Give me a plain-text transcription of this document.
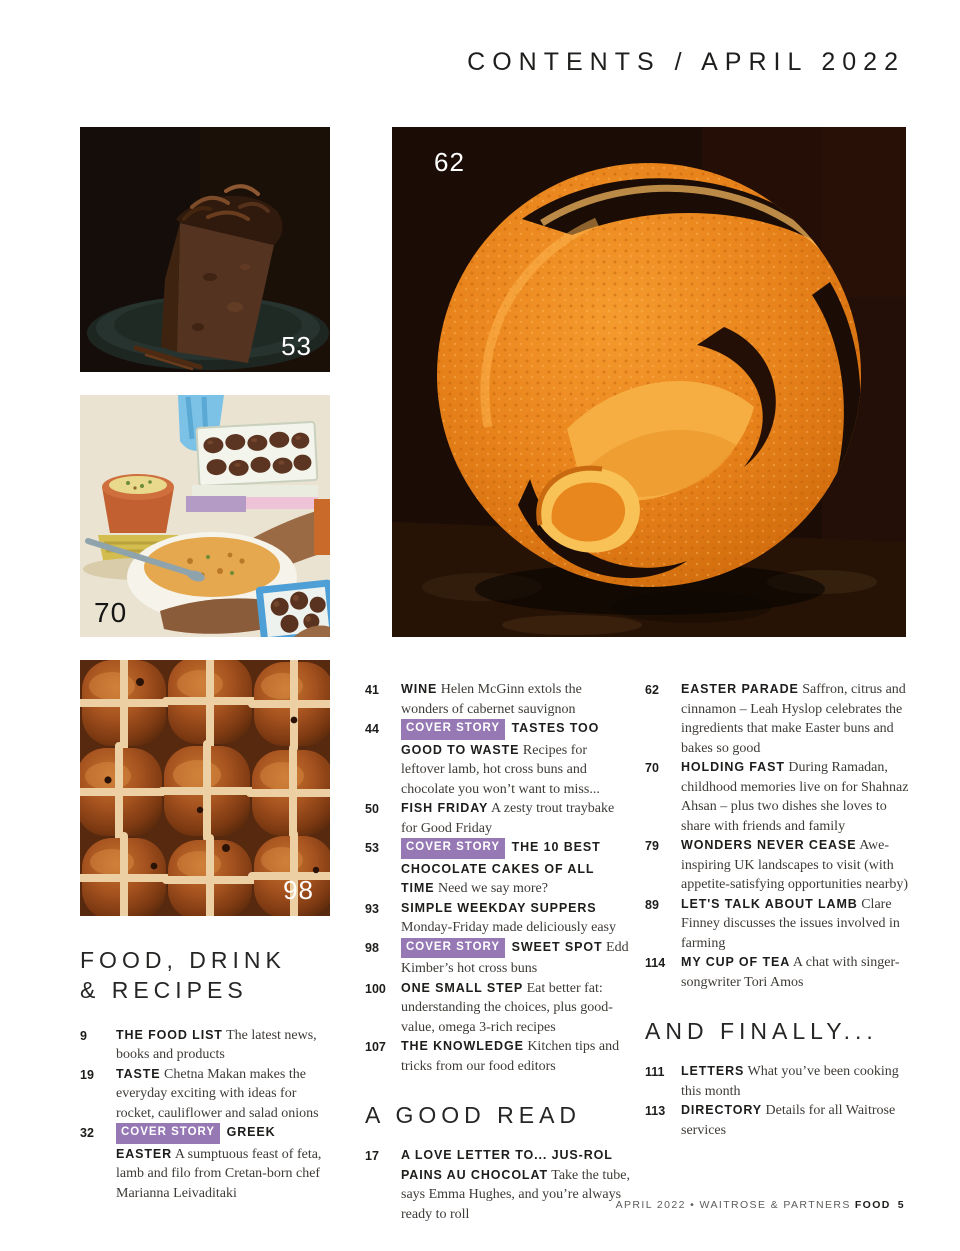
CONTENTS / APRIL 2022
53
70
98
62
FOOD, DRINK
& RECIPES
9	THE FOOD LIST The latest news, books and products
19	TASTE Chetna Makan makes the everyday exciting with ideas for rocket, cauliflower and salad onions
32	COVER STORY GREEK EASTER A sumptuous feast of feta, lamb and filo from Cretan-born chef Marianna Leivaditaki
41	WINE Helen McGinn extols the wonders of cabernet sauvignon
44	COVER STORY TASTES TOO GOOD TO WASTE Recipes for leftover lamb, hot cross buns and chocolate you won’t want to miss...
50	FISH FRIDAY A zesty trout traybake for Good Friday
53	COVER STORY THE 10 BEST CHOCOLATE CAKES OF ALL TIME Need we say more?
93	SIMPLE WEEKDAY SUPPERS Monday-Friday made deliciously easy
98	COVER STORY SWEET SPOT Edd Kimber’s hot cross buns
100	ONE SMALL STEP Eat better fat: understanding the choices, plus good-value, omega 3-rich recipes
107	THE KNOWLEDGE Kitchen tips and tricks from our food editors
A GOOD READ
17	A LOVE LETTER TO... JUS-ROL PAINS AU CHOCOLAT Take the tube, says Emma Hughes, and you’re always ready to roll
62	EASTER PARADE Saffron, citrus and cinnamon – Leah Hyslop celebrates the ingredients that make Easter buns and bakes so good
70	HOLDING FAST During Ramadan, childhood memories live on for Shahnaz Ahsan – plus two dishes she loves to share with friends and family
79	WONDERS NEVER CEASE Awe-inspiring UK landscapes to visit (with appetite-satisfying opportunities nearby)
89	LET'S TALK ABOUT LAMB Clare Finney discusses the issues involved in farming
114	MY CUP OF TEA A chat with singer-songwriter Tori Amos
AND FINALLY...
111	LETTERS What you’ve been cooking this month
113	DIRECTORY Details for all Waitrose services
APRIL 2022 • WAITROSE & PARTNERS FOOD 5
